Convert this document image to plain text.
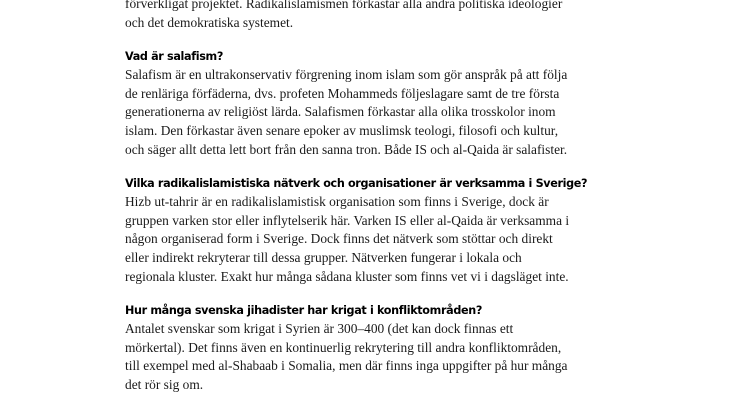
förverkligat projektet. Radikalislamismen förkastar alla andra politiska ideologier
och det demokratiska systemet.
Vad är salafism?
Salafism är en ultrakonservativ förgrening inom islam som gör anspråk på att följa
de renläriga förfäderna, dvs. profeten Mohammeds följeslagare samt de tre första
generationerna av religiöst lärda. Salafismen förkastar alla olika trosskolor inom
islam. Den förkastar även senare epoker av muslimsk teologi, filosofi och kultur,
och säger allt detta lett bort från den sanna tron. Både IS och al-Qaida är salafister.
Vilka radikalislamistiska nätverk och organisationer är verksamma i Sverige?
Hizb ut-tahrir är en radikalislamistisk organisation som finns i Sverige, dock är
gruppen varken stor eller inflytelserik här. Varken IS eller al-Qaida är verksamma i
någon organiserad form i Sverige. Dock finns det nätverk som stöttar och direkt
eller indirekt rekryterar till dessa grupper. Nätverken fungerar i lokala och
regionala kluster. Exakt hur många sådana kluster som finns vet vi i dagsläget inte.
Hur många svenska jihadister har krigat i konfliktområden?
Antalet svenskar som krigat i Syrien är 300–400 (det kan dock finnas ett
mörkertal). Det finns även en kontinuerlig rekrytering till andra konfliktområden,
till exempel med al-Shabaab i Somalia, men där finns inga uppgifter på hur många
det rör sig om.
